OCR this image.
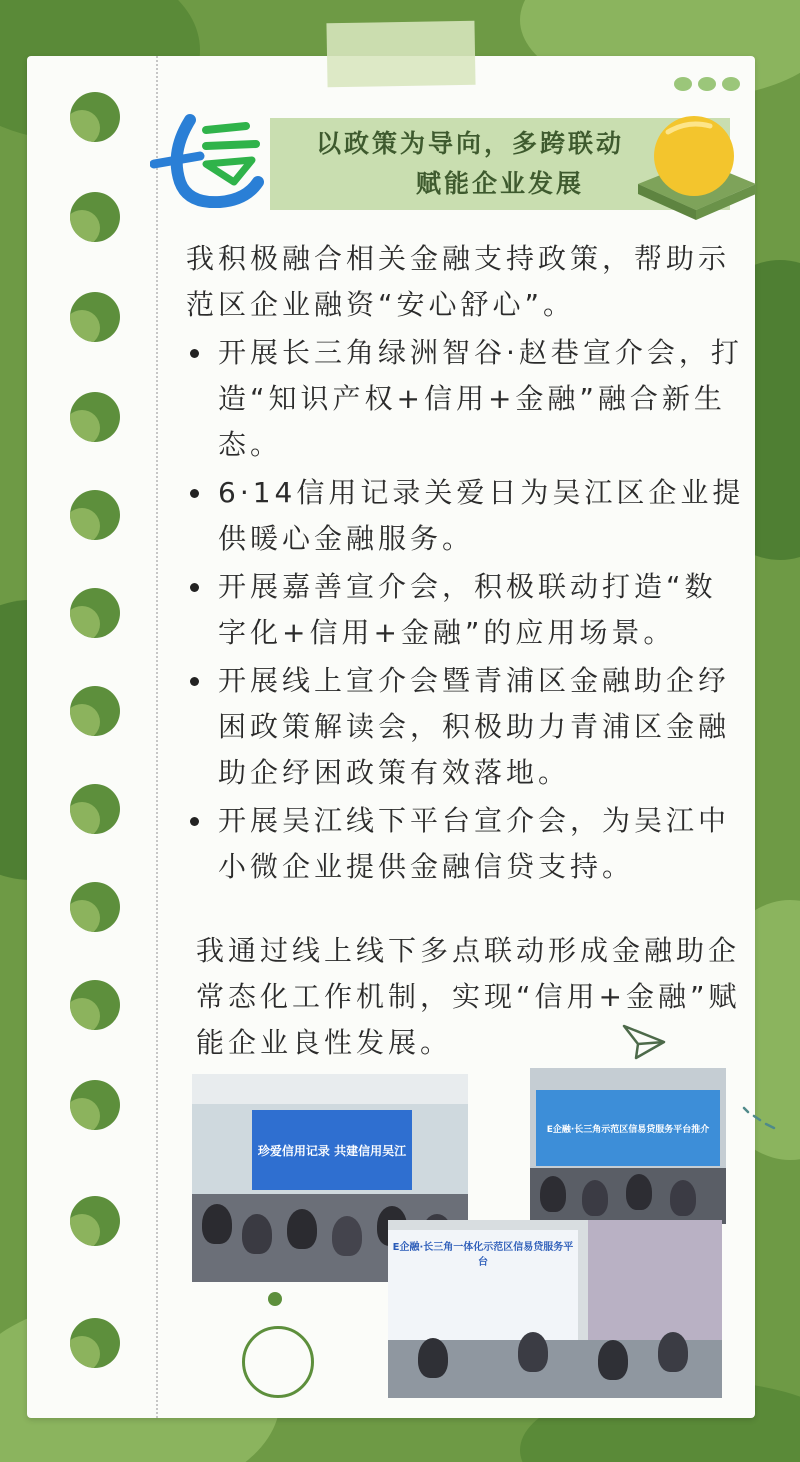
以政策为导向，多跨联动
赋能企业发展

我积极融合相关金融支持政策，帮助示范区企业融资“安心舒心”。

开展长三角绿洲智谷·赵巷宣介会，打造“知识产权+信用+金融”融合新生态。
6·14信用记录关爱日为吴江区企业提供暖心金融服务。
开展嘉善宣介会，积极联动打造“数字化+信用+金融”的应用场景。
开展线上宣介会暨青浦区金融助企纾困政策解读会，积极助力青浦区金融助企纾困政策有效落地。
开展吴江线下平台宣介会，为吴江中小微企业提供金融信贷支持。
我通过线上线下多点联动形成金融助企常态化工作机制，实现“信用+金融”赋能企业良性发展。
珍爱信用记录 共建信用吴江
E企融·长三角示范区信易贷服务平台推介
E企融·长三角一体化示范区信易贷服务平台
